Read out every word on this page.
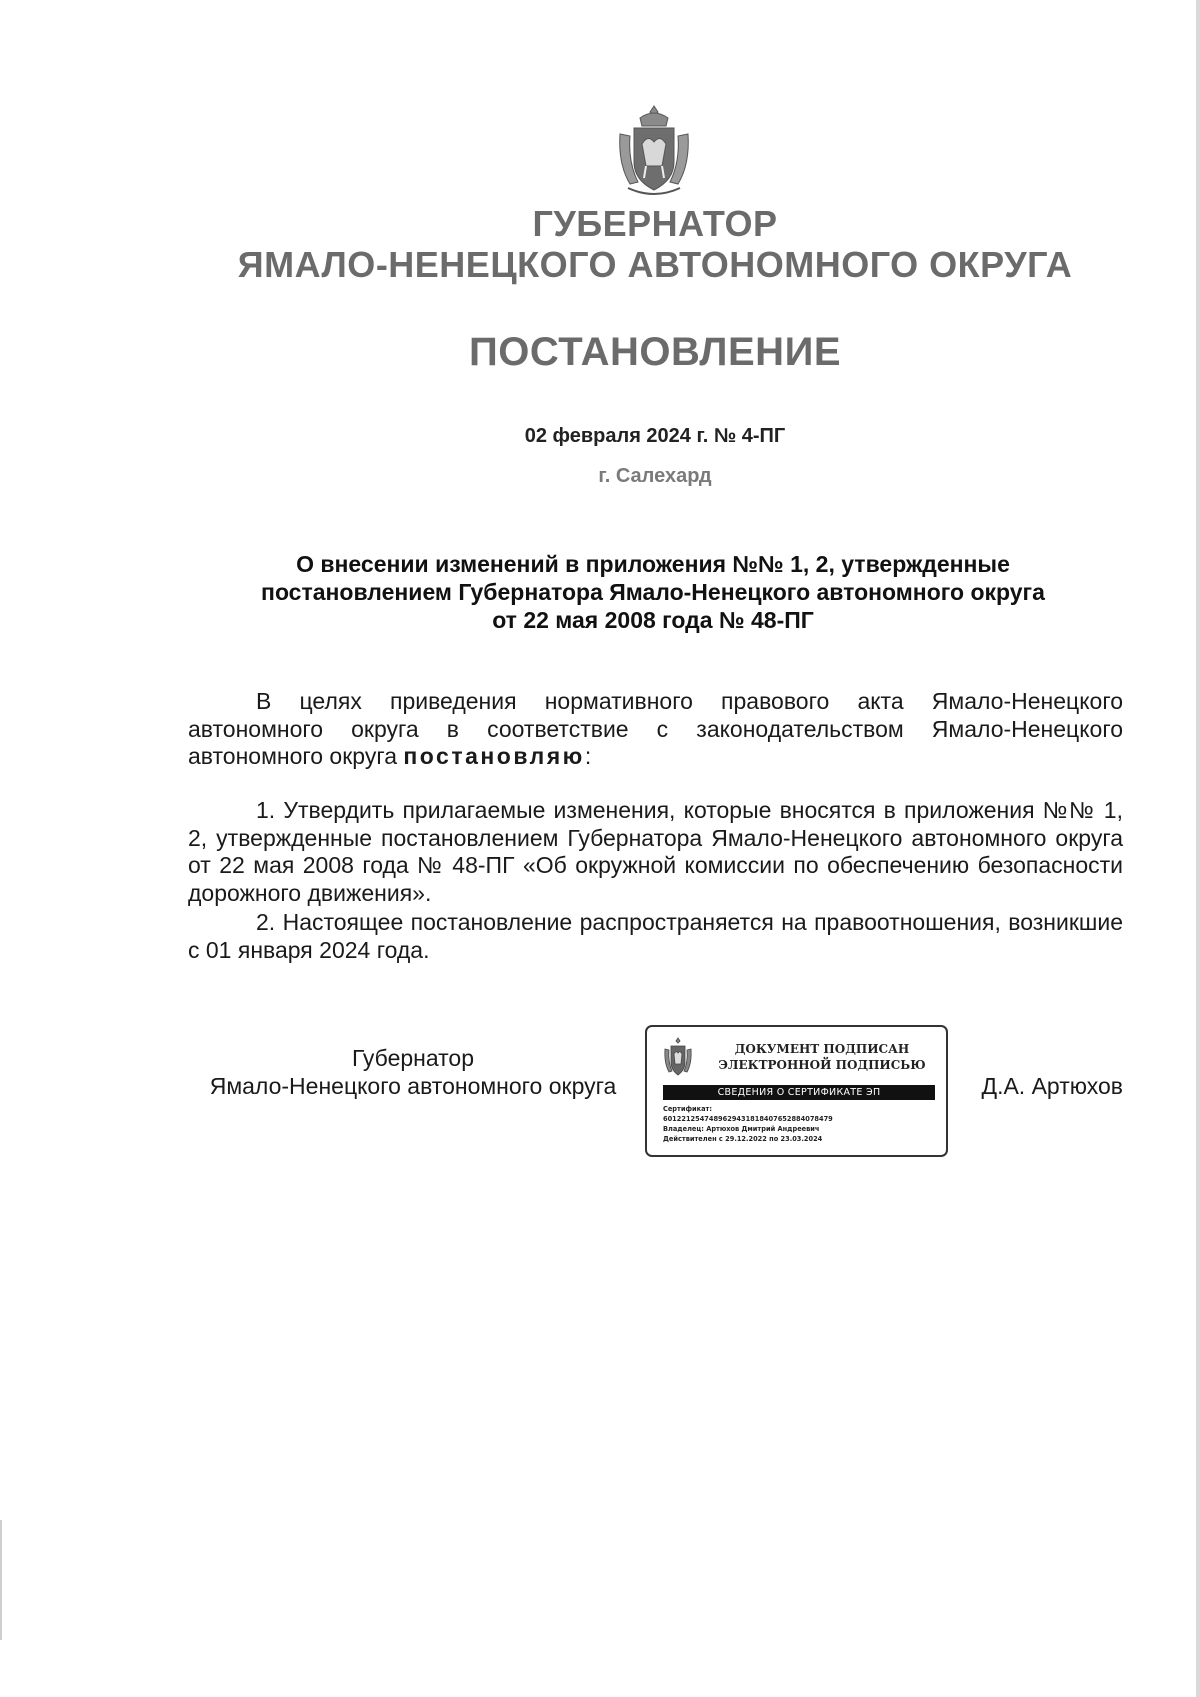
ГУБЕРНАТОР
ЯМАЛО-НЕНЕЦКОГО АВТОНОМНОГО ОКРУГА
ПОСТАНОВЛЕНИЕ
02 февраля 2024 г. № 4-ПГ
г. Салехард
О внесении изменений в приложения №№ 1, 2, утвержденные
постановлением Губернатора Ямало-Ненецкого автономного округа
от 22 мая 2008 года № 48-ПГ
В целях приведения нормативного правового акта Ямало-Ненецкого автономного округа в соответствие с законодательством Ямало-Ненецкого автономного округа постановляю:
1. Утвердить прилагаемые изменения, которые вносятся в приложения №№ 1, 2, утвержденные постановлением Губернатора Ямало-Ненецкого автономного округа от 22 мая 2008 года № 48-ПГ «Об окружной комиссии по обеспечению безопасности дорожного движения».
2. Настоящее постановление распространяется на правоотношения, возникшие с 01 января 2024 года.
Губернатор
Ямало-Ненецкого автономного округа
ДОКУМЕНТ ПОДПИСАН
ЭЛЕКТРОННОЙ ПОДПИСЬЮ
СВЕДЕНИЯ О СЕРТИФИКАТЕ ЭП
Сертификат:
6012212547489629431818407652884078479
Владелец: Артюхов Дмитрий Андреевич
Действителен с 29.12.2022 по 23.03.2024
Д.А. Артюхов
